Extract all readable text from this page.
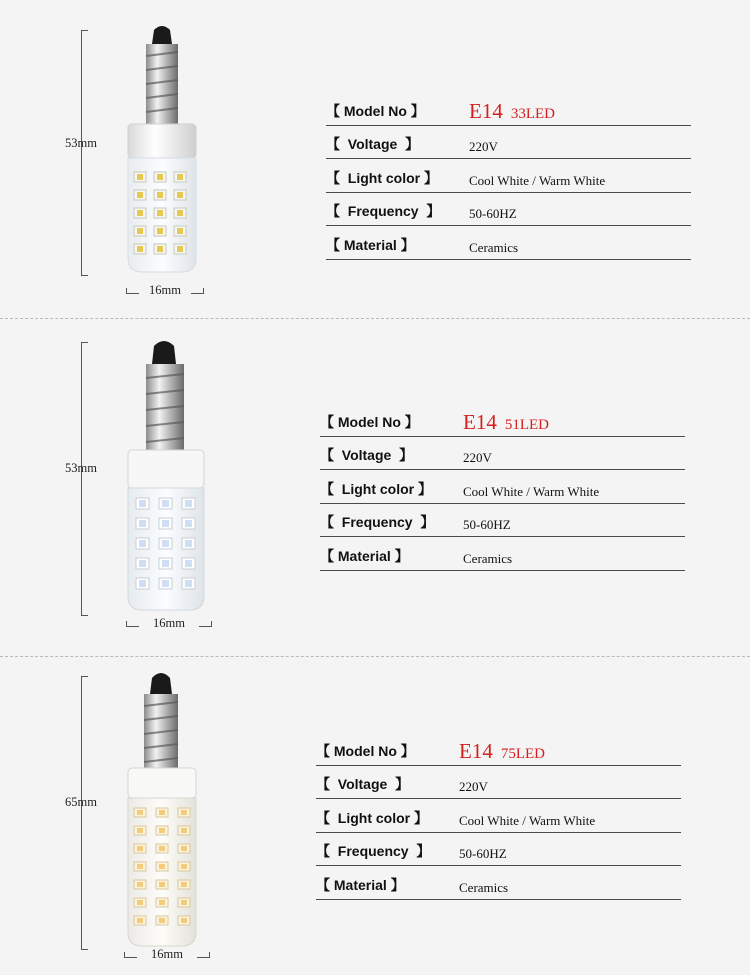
53mm
16mm
【 Model No 】 E14 33LED
【  Voltage  】	220V
【  Light color 】 Cool White / Warm White
【  Frequency  】 50-60HZ
【 Material 】	Ceramics
53mm
16mm
【 Model No 】 E14 51LED
【  Voltage  】	220V
【  Light color 】 Cool White / Warm White
【  Frequency  】 50-60HZ
【 Material 】	Ceramics
65mm
16mm
【 Model No 】 E14 75LED
【  Voltage  】	220V
【  Light color 】 Cool White / Warm White
【  Frequency  】 50-60HZ
【 Material 】	Ceramics
